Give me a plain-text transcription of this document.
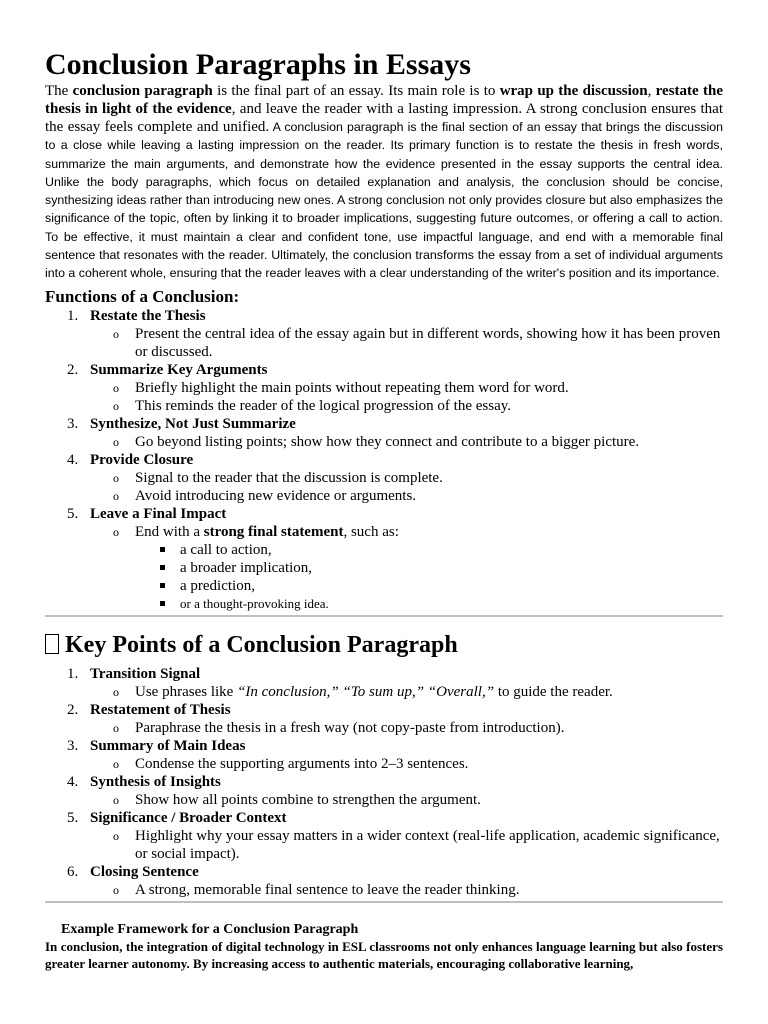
Conclusion Paragraphs in Essays
The conclusion paragraph is the final part of an essay. Its main role is to wrap up the discussion, restate the thesis in light of the evidence, and leave the reader with a lasting impression. A strong conclusion ensures that the essay feels complete and unified. A conclusion paragraph is the final section of an essay that brings the discussion to a close while leaving a lasting impression on the reader. Its primary function is to restate the thesis in fresh words, summarize the main arguments, and demonstrate how the evidence presented in the essay supports the central idea. Unlike the body paragraphs, which focus on detailed explanation and analysis, the conclusion should be concise, synthesizing ideas rather than introducing new ones. A strong conclusion not only provides closure but also emphasizes the significance of the topic, often by linking it to broader implications, suggesting future outcomes, or offering a call to action. To be effective, it must maintain a clear and confident tone, use impactful language, and end with a memorable final sentence that resonates with the reader. Ultimately, the conclusion transforms the essay from a set of individual arguments into a coherent whole, ensuring that the reader leaves with a clear understanding of the writer's position and its importance.
Functions of a Conclusion:
1. Restate the Thesis
o Present the central idea of the essay again but in different words, showing how it has been proven or discussed.
2. Summarize Key Arguments
o Briefly highlight the main points without repeating them word for word.
o This reminds the reader of the logical progression of the essay.
3. Synthesize, Not Just Summarize
o Go beyond listing points; show how they connect and contribute to a bigger picture.
4. Provide Closure
o Signal to the reader that the discussion is complete.
o Avoid introducing new evidence or arguments.
5. Leave a Final Impact
o End with a strong final statement, such as:
a call to action,
a broader implication,
a prediction,
or a thought-provoking idea.
Key Points of a Conclusion Paragraph
1. Transition Signal
o Use phrases like “In conclusion,” “To sum up,” “Overall,” to guide the reader.
2. Restatement of Thesis
o Paraphrase the thesis in a fresh way (not copy-paste from introduction).
3. Summary of Main Ideas
o Condense the supporting arguments into 2–3 sentences.
4. Synthesis of Insights
o Show how all points combine to strengthen the argument.
5. Significance / Broader Context
o Highlight why your essay matters in a wider context (real-life application, academic significance, or social impact).
6. Closing Sentence
o A strong, memorable final sentence to leave the reader thinking.
Example Framework for a Conclusion Paragraph

In conclusion, the integration of digital technology in ESL classrooms not only enhances language learning but also fosters greater learner autonomy. By increasing access to authentic materials, encouraging collaborative learning,
